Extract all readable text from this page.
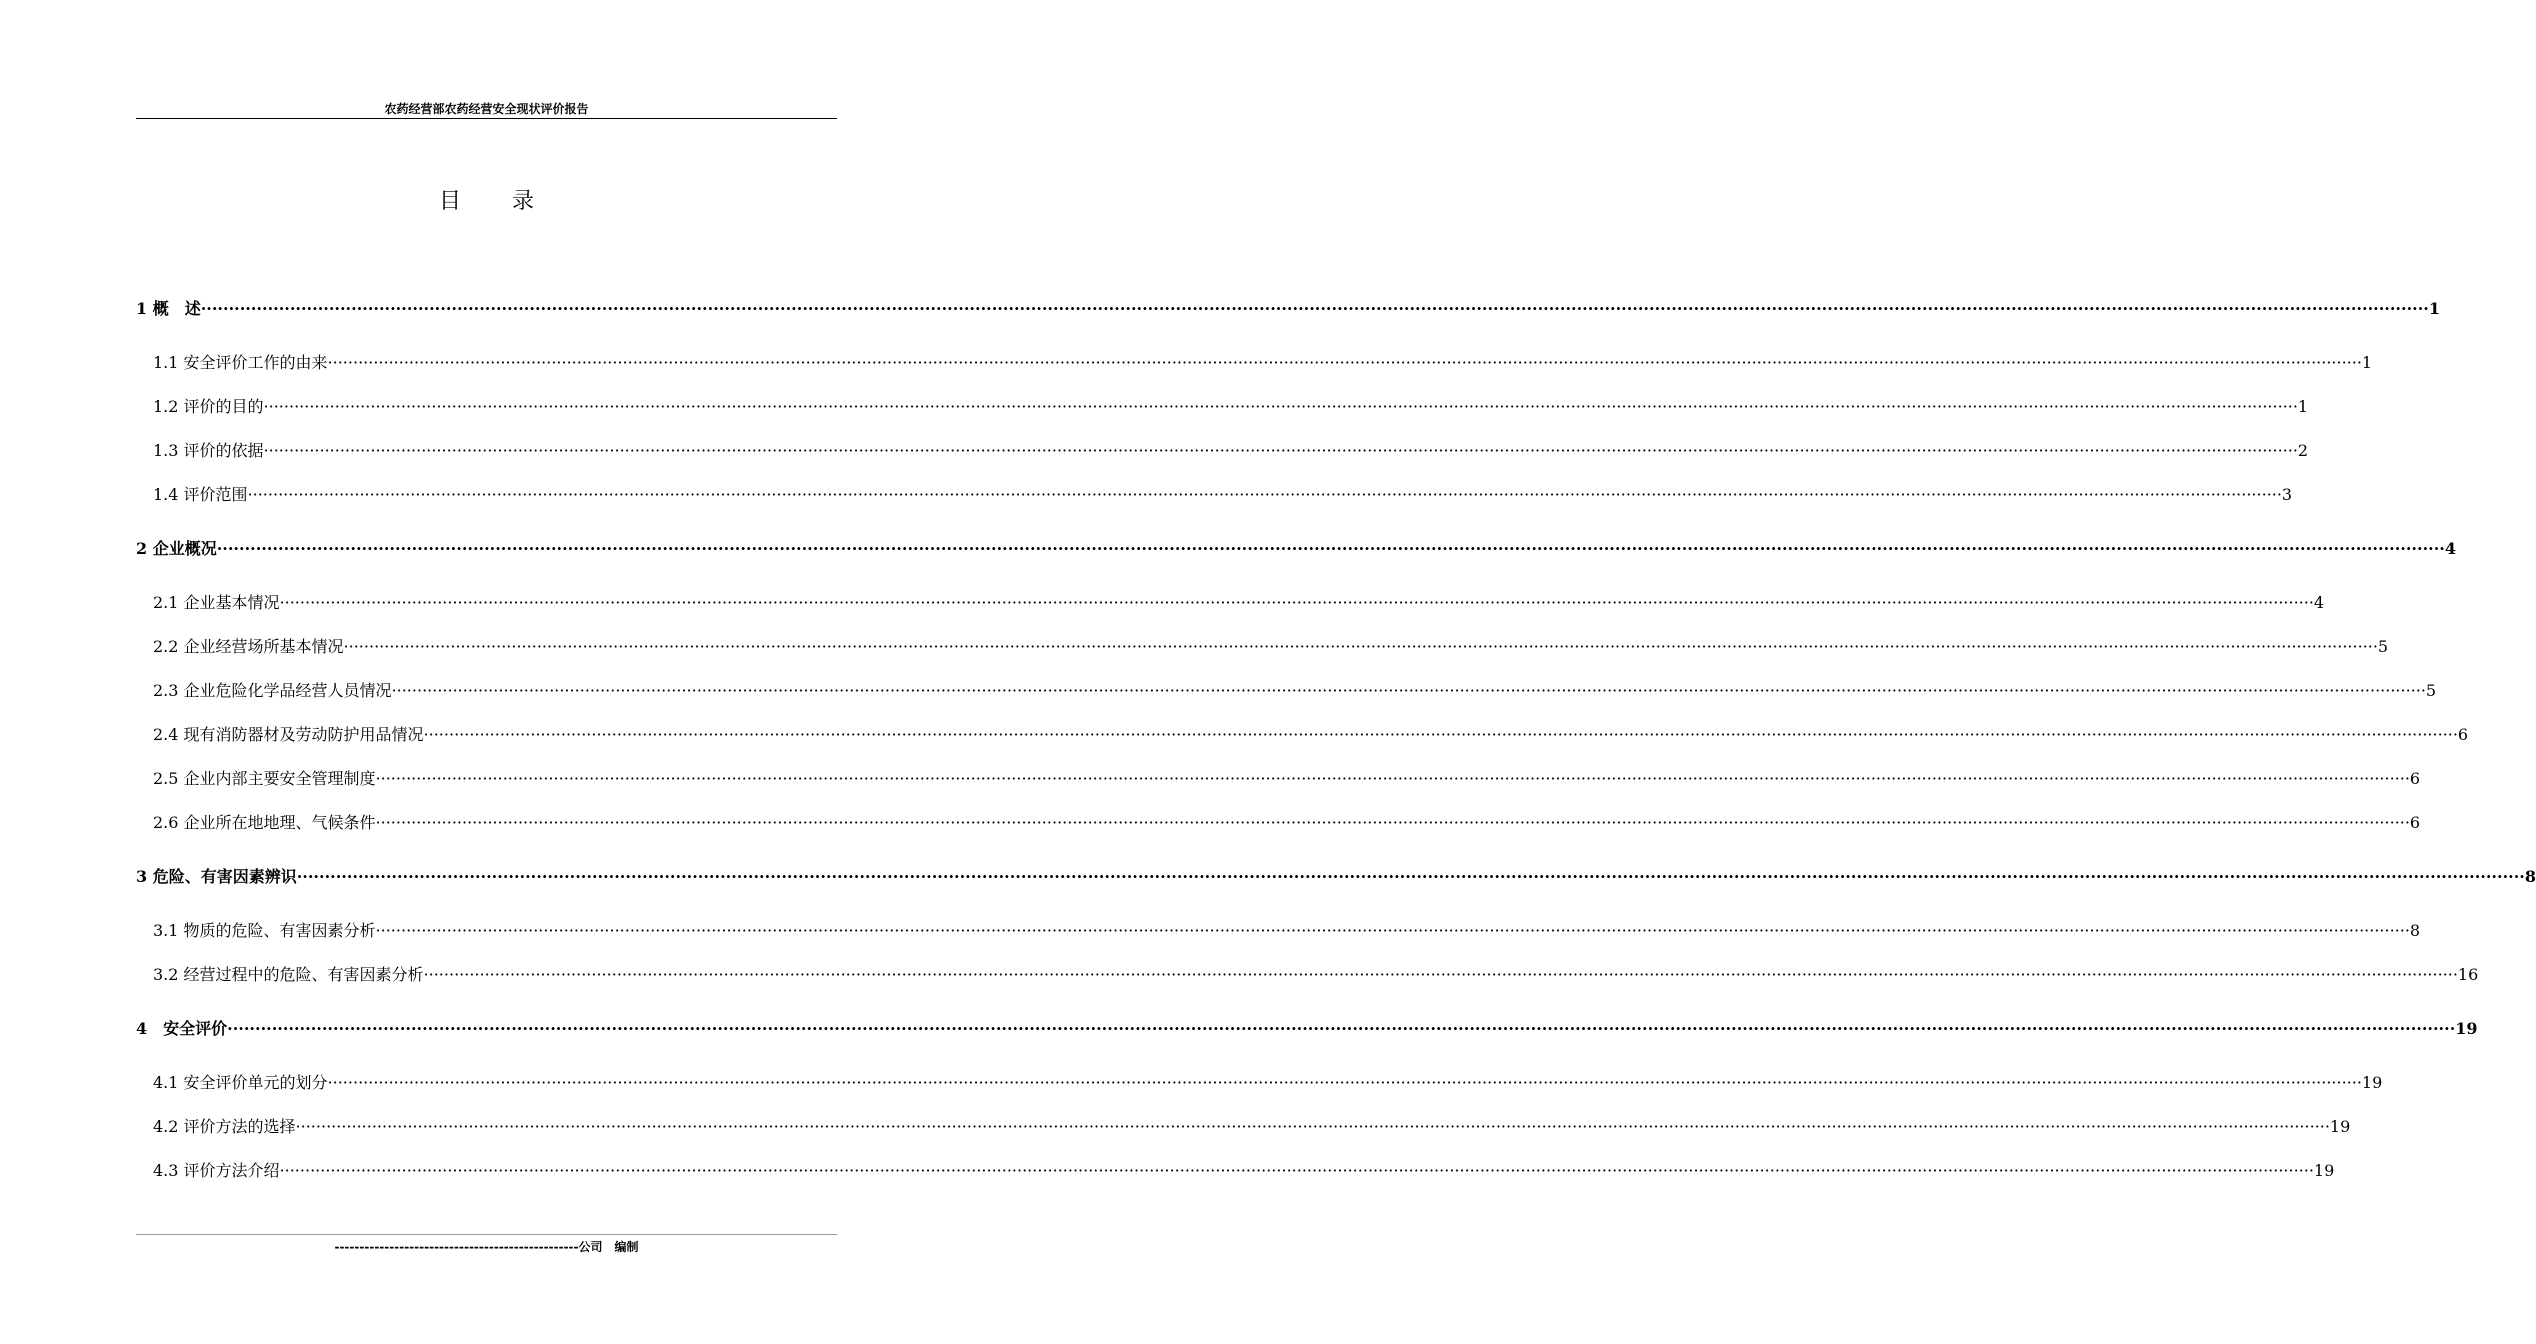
农药经营部农药经营安全现状评价报告
目 录
1 概　述 ················································································································································································································································································································································································································ 1
1.1 安全评价工作的由来 ················································································································································································································································································································································································································ 1
1.2 评价的目的 ················································································································································································································································································································································································································ 1
1.3 评价的依据 ················································································································································································································································································································································································································ 2
1.4 评价范围 ················································································································································································································································································································································································································ 3
2 企业概况 ················································································································································································································································································································································································································ 4
2.1 企业基本情况 ················································································································································································································································································································································································································ 4
2.2 企业经营场所基本情况 ················································································································································································································································································································································································································ 5
2.3 企业危险化学品经营人员情况 ················································································································································································································································································································································································································ 5
2.4 现有消防器材及劳动防护用品情况 ················································································································································································································································································································································································································ 6
2.5 企业内部主要安全管理制度 ················································································································································································································································································································································································································ 6
2.6 企业所在地地理、气候条件 ················································································································································································································································································································································································································ 6
3 危险、有害因素辨识 ················································································································································································································································································································································································································ 8
3.1 物质的危险、有害因素分析 ················································································································································································································································································································································································································ 8
3.2 经营过程中的危险、有害因素分析 ················································································································································································································································································································································································································ 16
4　安全评价 ················································································································································································································································································································································································································ 19
4.1 安全评价单元的划分 ················································································································································································································································································································································································································ 19
4.2 评价方法的选择 ················································································································································································································································································································································································································ 19
4.3 评价方法介绍 ················································································································································································································································································································································································································ 19
-------------------------------------------------公司　编制
